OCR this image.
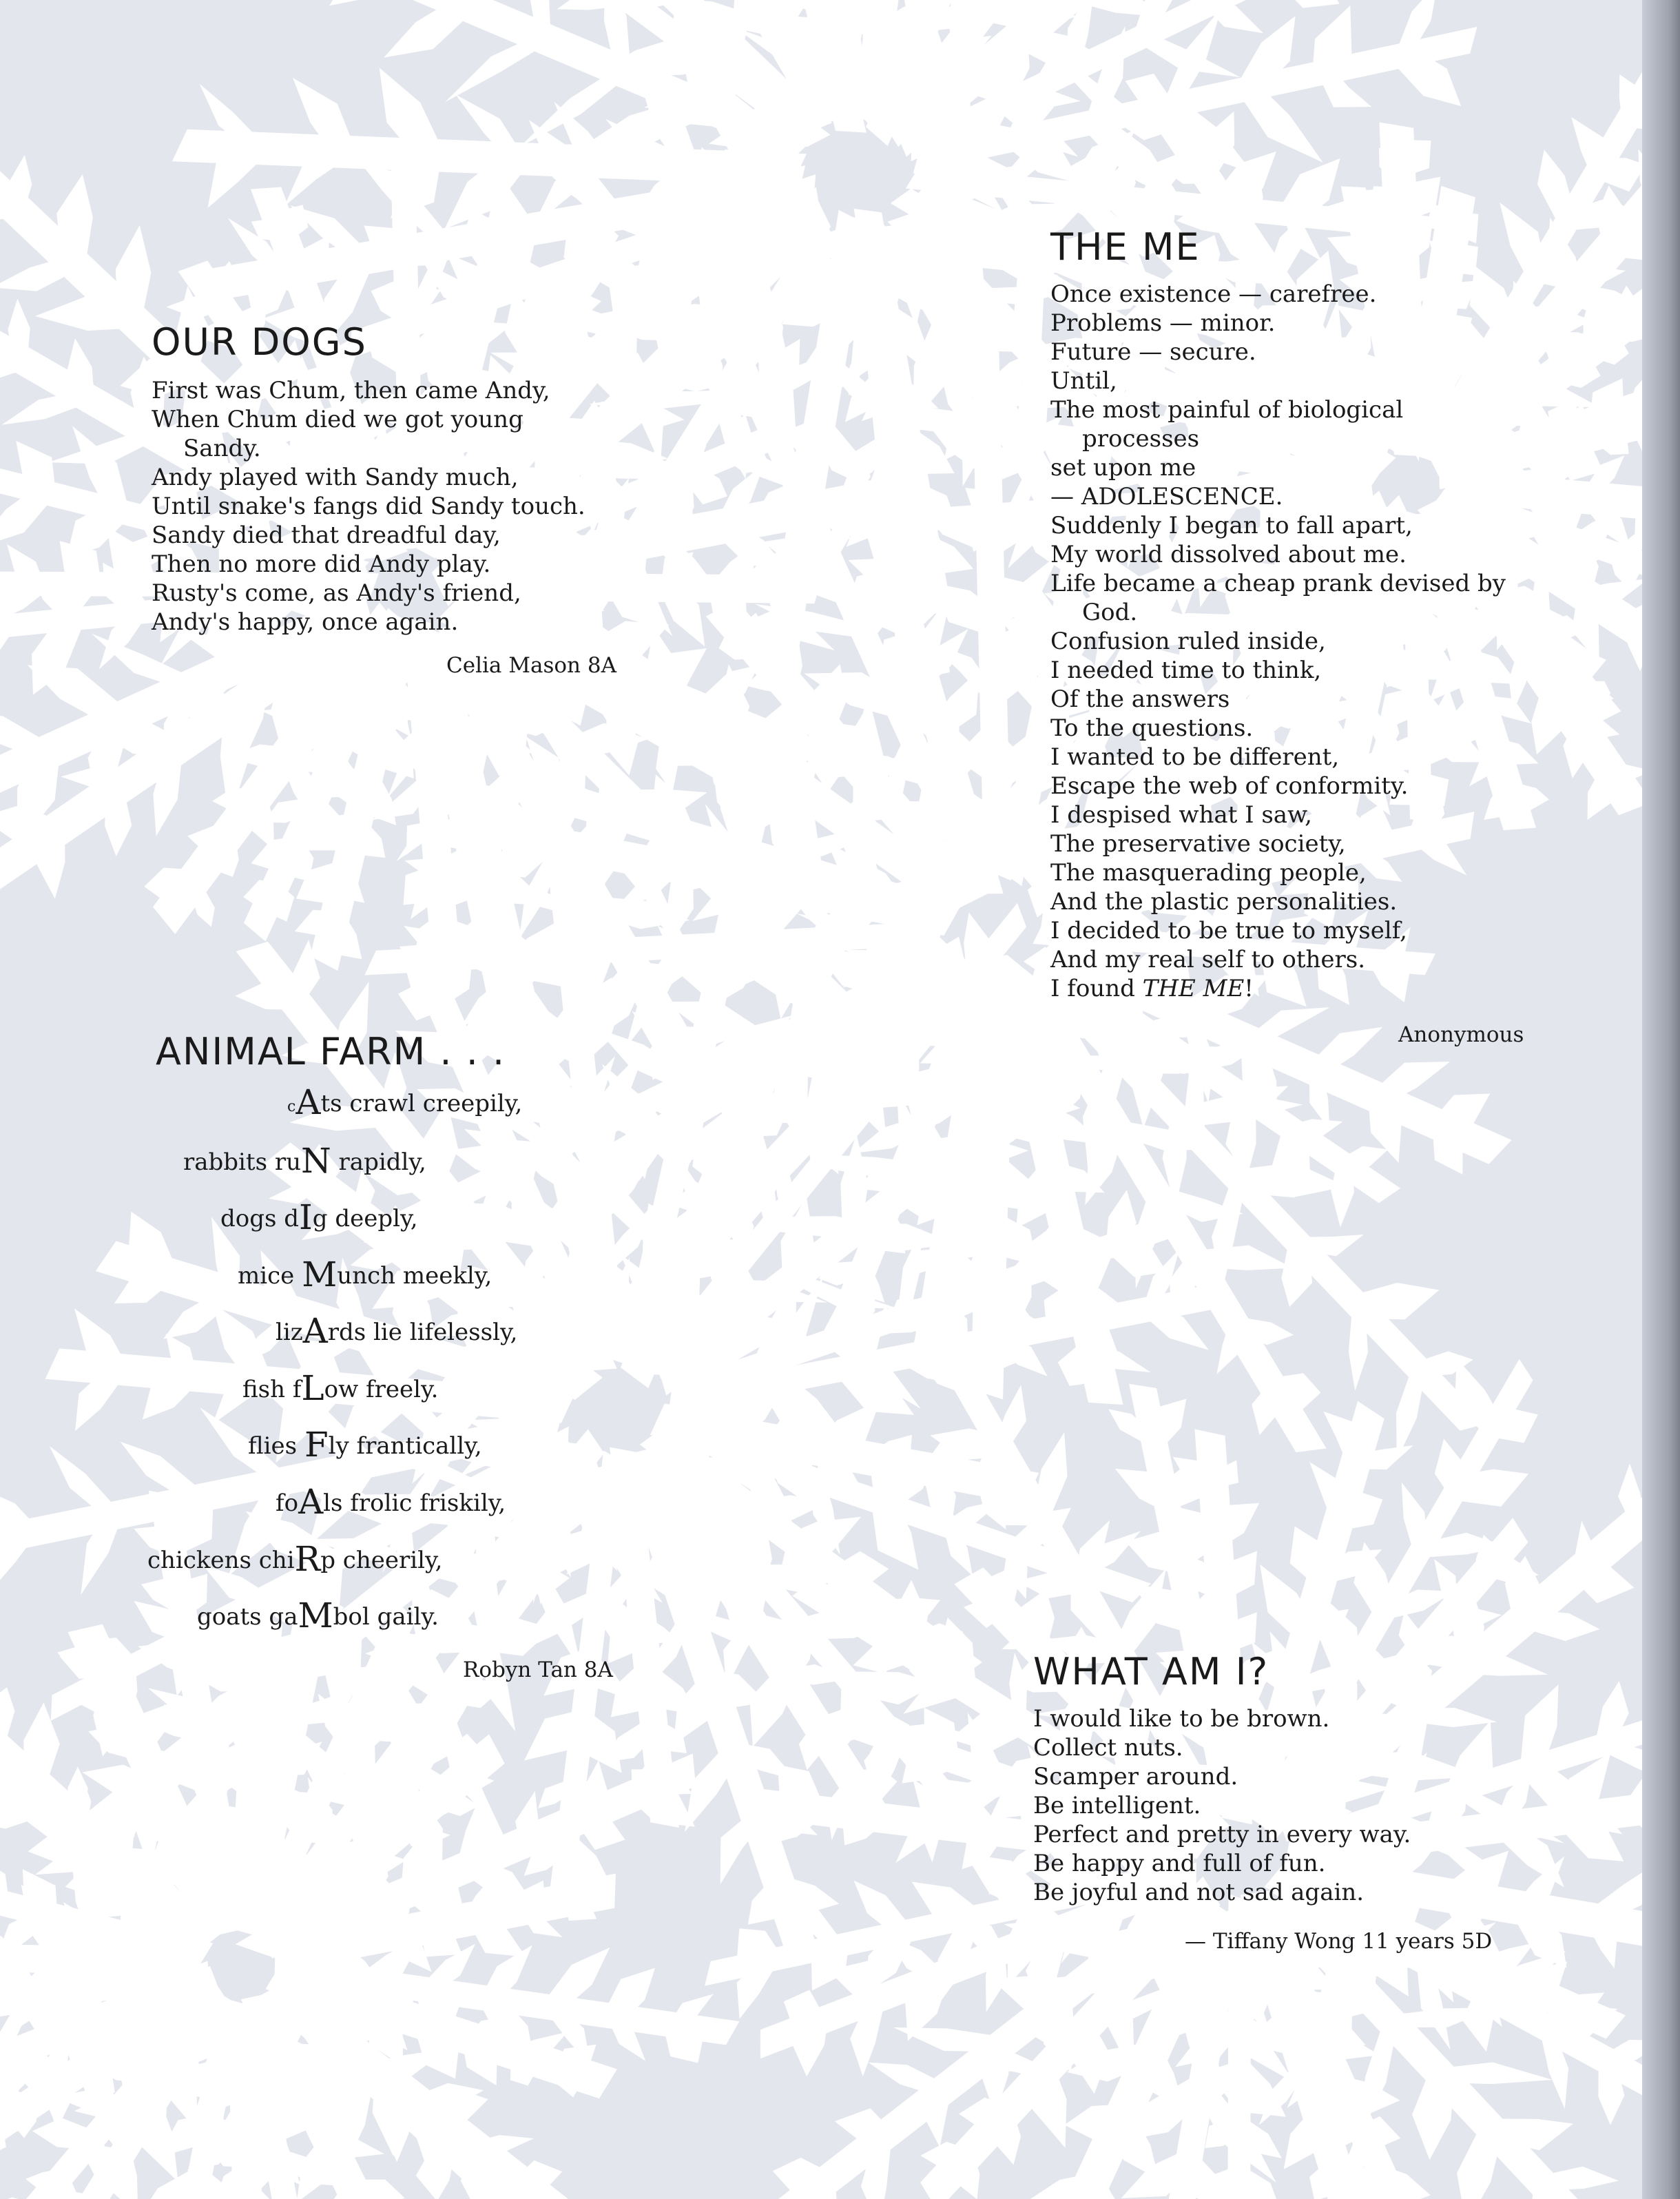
OUR DOGS
First was Chum, then came Andy,
When Chum died we got young
Sandy.
Andy played with Sandy much,
Until snake's fangs did Sandy touch.
Sandy died that dreadful day,
Then no more did Andy play.
Rusty's come, as Andy's friend,
Andy's happy, once again.
Celia Mason 8A
THE ME
Once existence — carefree.
Problems — minor.
Future — secure.
Until,
The most painful of biological
processes
set upon me
— ADOLESCENCE.
Suddenly I began to fall apart,
My world dissolved about me.
Life became a cheap prank devised by
God.
Confusion ruled inside,
I needed time to think,
Of the answers
To the questions.
I wanted to be different,
Escape the web of conformity.
I despised what I saw,
The preservative society,
The masquerading people,
And the plastic personalities.
I decided to be true to myself,
And my real self to others.
I found THE ME!
Anonymous
ANIMAL FARM . . .
cAts crawl creepily,
rabbits ruN rapidly,
dogs dIg deeply,
mice Munch meekly,
lizArds lie lifelessly,
fish fLow freely.
flies Fly frantically,
foAls frolic friskily,
chickens chiRp cheerily,
goats gaMbol gaily.
Robyn Tan 8A	WHAT AM I?
I would like to be brown.
Collect nuts.
Scamper around.
Be intelligent.
Perfect and pretty in every way.
Be happy and full of fun.
Be joyful and not sad again.
— Tiffany Wong 11 years 5D
